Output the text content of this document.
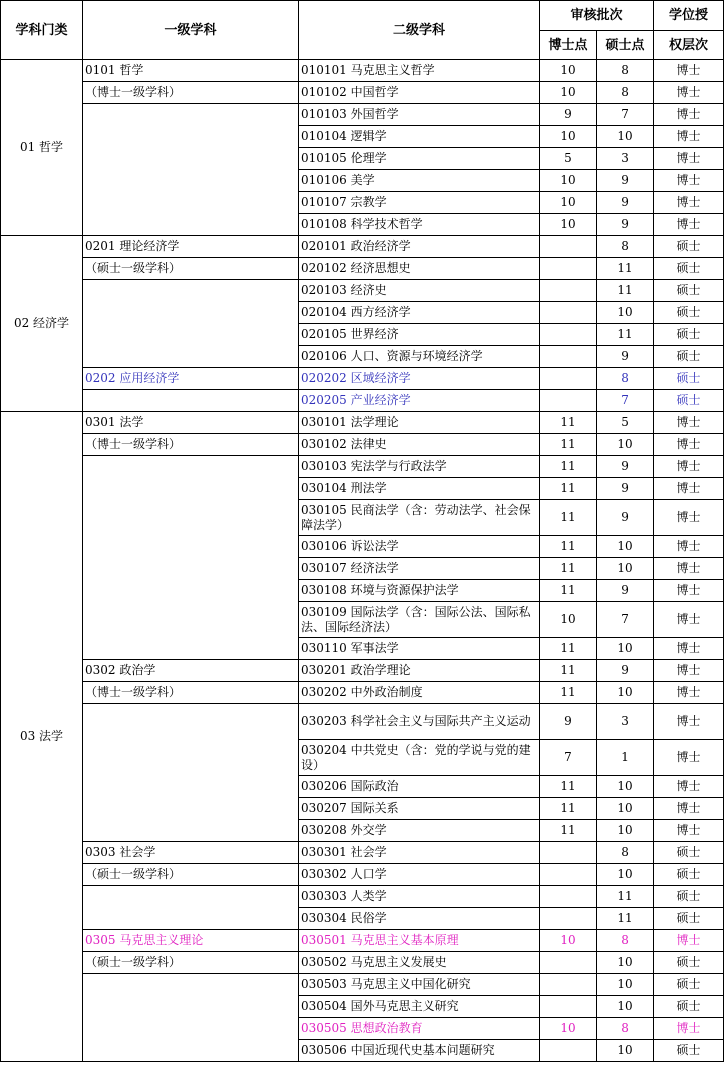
学科门类	一级学科	二级学科	审核批次		学位授
			博士点	硕士点	权层次
01 哲学	0101 哲学	010101 马克思主义哲学	10	8	博士
	（博士一级学科）	010102 中国哲学	10	8	博士
		010103 外国哲学	9	7	博士
		010104 逻辑学	10	10	博士
		010105 伦理学	5	3	博士
		010106 美学	10	9	博士
		010107 宗教学	10	9	博士
		010108 科学技术哲学	10	9	博士
02 经济学	0201 理论经济学	020101 政治经济学		8	硕士
	（硕士一级学科）	020102 经济思想史		11	硕士
		020103 经济史		11	硕士
		020104 西方经济学		10	硕士
		020105 世界经济		11	硕士
		020106 人口、资源与环境经济学		9	硕士
	0202 应用经济学	020202 区域经济学		8	硕士
		020205 产业经济学		7	硕士
03 法学	0301 法学	030101 法学理论	11	5	博士
	（博士一级学科）	030102 法律史	11	10	博士
		030103 宪法学与行政法学	11	9	博士
		030104 刑法学	11	9	博士
		030105 民商法学（含：劳动法学、社会保障法学）	11	9	博士
		030106 诉讼法学	11	10	博士
		030107 经济法学	11	10	博士
		030108 环境与资源保护法学	11	9	博士
		030109 国际法学（含：国际公法、国际私法、国际经济法）	10	7	博士
		030110 军事法学	11	10	博士
	0302 政治学	030201 政治学理论	11	9	博士
	（博士一级学科）	030202 中外政治制度	11	10	博士
		030203 科学社会主义与国际共产主义运动	9	3	博士
		030204 中共党史（含：党的学说与党的建设）	7	1	博士
		030206 国际政治	11	10	博士
		030207 国际关系	11	10	博士
		030208 外交学	11	10	博士
	0303 社会学	030301 社会学		8	硕士
	（硕士一级学科）	030302 人口学		10	硕士
		030303 人类学		11	硕士
		030304 民俗学		11	硕士
	0305 马克思主义理论	030501 马克思主义基本原理	10	8	博士
	（硕士一级学科）	030502 马克思主义发展史		10	硕士
		030503 马克思主义中国化研究		10	硕士
		030504 国外马克思主义研究		10	硕士
		030505 思想政治教育	10	8	博士
		030506 中国近现代史基本问题研究		10	硕士
